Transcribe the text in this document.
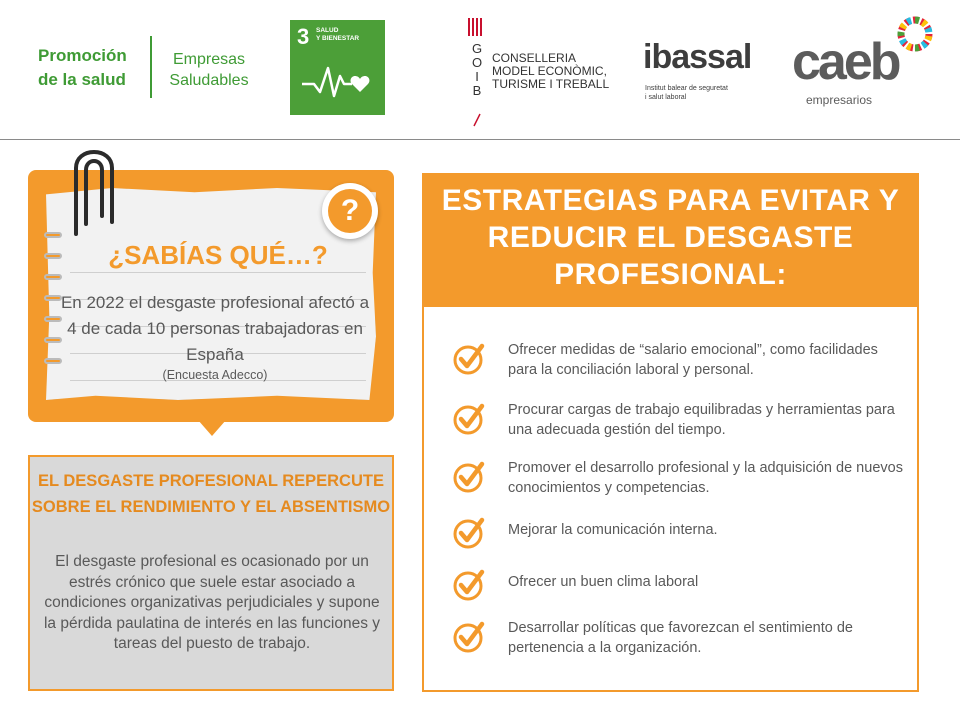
Promoción
de la salud
Empresas
Saludables
3 SALUD
Y BIENESTAR
G O I B
CONSELLERIA
MODEL ECONÒMIC,
TURISME I TREBALL
ibassal
Institut balear de seguretat
i salut laboral
caeb
empresarios
?
¿SABÍAS QUÉ…?
En 2022 el desgaste profesional afectó a 4 de cada 10 personas trabajadoras en España
(Encuesta Adecco)
EL DESGASTE PROFESIONAL REPERCUTE SOBRE EL RENDIMIENTO Y EL ABSENTISMO
El desgaste profesional es ocasionado por un estrés crónico que suele estar asociado a condiciones organizativas perjudiciales y supone la pérdida paulatina de interés en las funciones y tareas del puesto de trabajo.
ESTRATEGIAS PARA EVITAR Y REDUCIR EL DESGASTE PROFESIONAL:
Ofrecer medidas de “salario emocional”, como facilidades para la conciliación laboral y personal.
Procurar cargas de trabajo equilibradas y herramientas para una adecuada gestión del tiempo.
Promover el desarrollo profesional y la adquisición de nuevos conocimientos y competencias.
Mejorar la comunicación interna.
Ofrecer un buen clima laboral
Desarrollar políticas que favorezcan el sentimiento de pertenencia a la organización.
